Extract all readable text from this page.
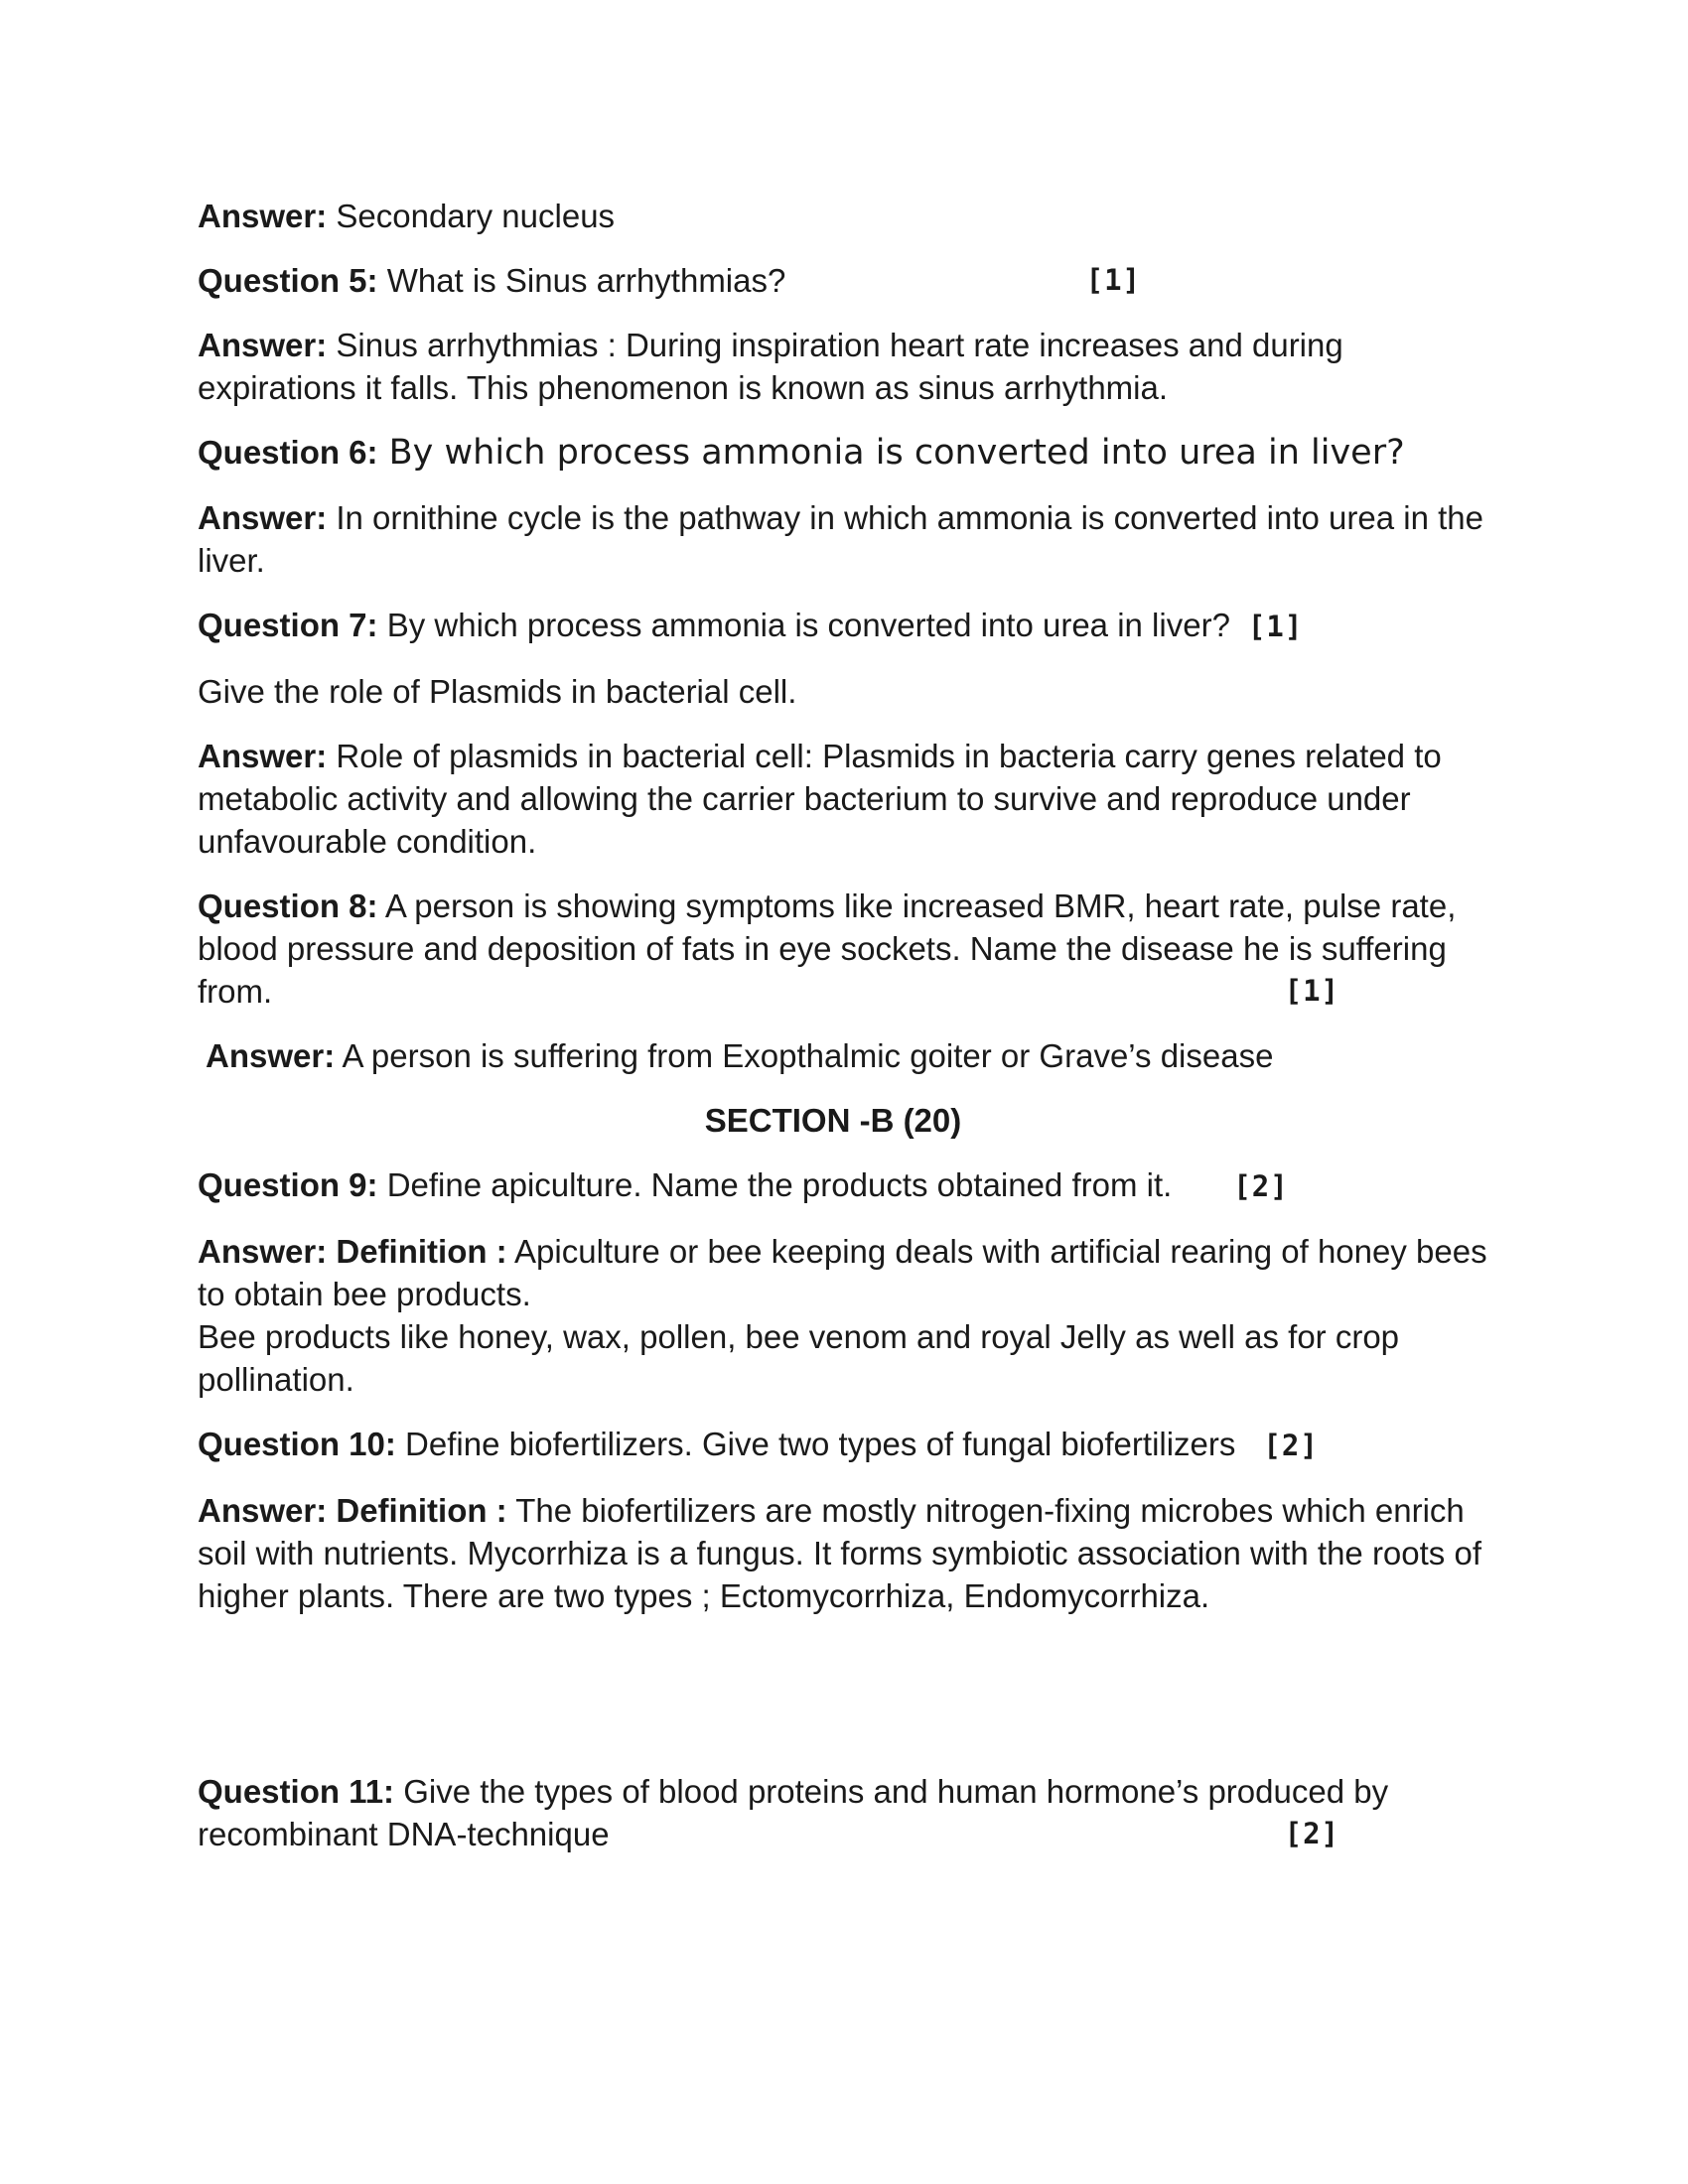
Answer: Secondary nucleus
Question 5: What is Sinus arrhythmias?	[1]
Answer: Sinus arrhythmias : During inspiration heart rate increases and during expirations it falls. This phenomenon is known as sinus arrhythmia.
Question 6: By which process ammonia is converted into urea in liver?
Answer: In ornithine cycle is the pathway in which ammonia is converted into urea in the liver.
Question 7: By which process ammonia is converted into urea in liver? [1]
Give the role of Plasmids in bacterial cell.
Answer: Role of plasmids in bacterial cell: Plasmids in bacteria carry genes related to metabolic activity and allowing the carrier bacterium to survive and reproduce under unfavourable condition.
Question 8: A person is showing symptoms like increased BMR, heart rate, pulse rate, blood pressure and deposition of fats in eye sockets. Name the disease he is suffering from.	[1]
Answer: A person is suffering from Exopthalmic goiter or Grave’s disease
SECTION -B (20)
Question 9: Define apiculture. Name the products obtained from it. [2]
Answer: Definition : Apiculture or bee keeping deals with artificial rearing of honey bees to obtain bee products.
Bee products like honey, wax, pollen, bee venom and royal Jelly as well as for crop pollination.
Question 10: Define biofertilizers. Give two types of fungal biofertilizers [2]
Answer: Definition : The biofertilizers are mostly nitrogen-fixing microbes which enrich soil with nutrients. Mycorrhiza is a fungus. It forms symbiotic association with the roots of higher plants. There are two types ; Ectomycorrhiza, Endomycorrhiza.
Question 11: Give the types of blood proteins and human hormone’s produced by recombinant DNA-technique	[2]
